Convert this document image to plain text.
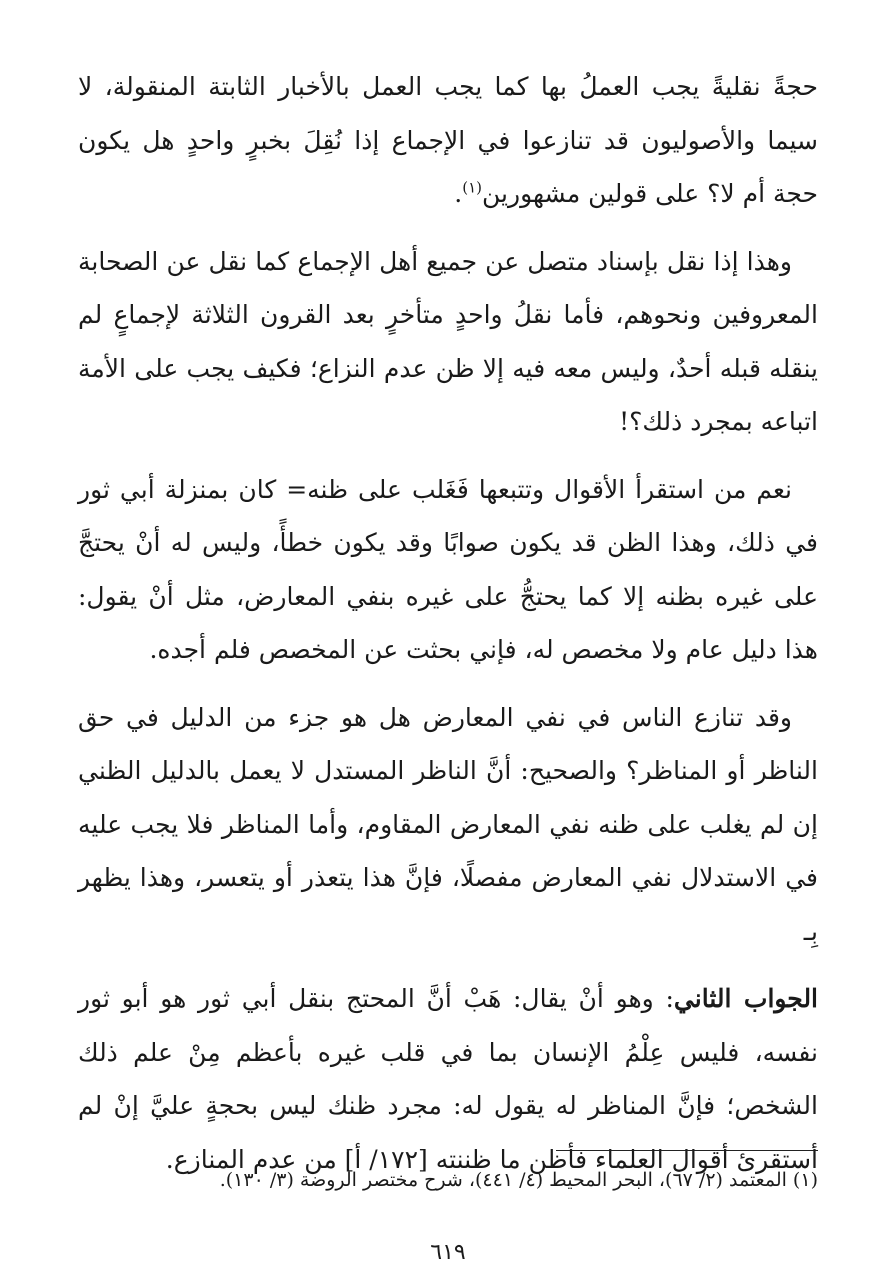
حجةً نقليةً يجب العملُ بها كما يجب العمل بالأخبار الثابتة المنقولة، لا سيما والأصوليون قد تنازعوا في الإجماع إذا نُقِلَ بخبرٍ واحدٍ هل يكون حجة أم لا؟ على قولين مشهورين$^{(١)}$.

وهذا إذا نقل بإسناد متصل عن جميع أهل الإجماع كما نقل عن الصحابة المعروفين ونحوهم، فأما نقلُ واحدٍ متأخرٍ بعد القرون الثلاثة لإجماعٍ لم ينقله قبله أحدٌ، وليس معه فيه إلا ظن عدم النزاع؛ فكيف يجب على الأمة اتباعه بمجرد ذلك؟!

نعم من استقرأ الأقوال وتتبعها فَغَلب على ظنه= كان بمنزلة أبي ثور في ذلك، وهذا الظن قد يكون صوابًا وقد يكون خطأً، وليس له أنْ يحتجَّ على غيره بظنه إلا كما يحتجُّ على غيره بنفي المعارض، مثل أنْ يقول: هذا دليل عام ولا مخصص له، فإني بحثت عن المخصص فلم أجده.

وقد تنازع الناس في نفي المعارض هل هو جزء من الدليل في حق الناظر أو المناظر؟ والصحيح: أنَّ الناظر المستدل لا يعمل بالدليل الظني إن لم يغلب على ظنه نفي المعارض المقاوم، وأما المناظر فلا يجب عليه في الاستدلال نفي المعارض مفصلًا، فإنَّ هذا يتعذر أو يتعسر، وهذا يظهر بِـ

الجواب الثاني: وهو أنْ يقال: هَبْ أنَّ المحتج بنقل أبي ثور هو أبو ثور نفسه، فليس عِلْمُ الإنسان بما في قلب غيره بأعظم مِنْ علم ذلك الشخص؛ فإنَّ المناظر له يقول له: مجرد ظنك ليس بحجةٍ عليَّ إنْ لم أستقرئ أقوال العلماء فأظن ما ظننته [١٧٢/ أ] من عدم المنازع.

(١) المعتمد (٢/ ٦٧)، البحر المحيط (٤/ ٤٤١)، شرح مختصر الروضة (٣/ ١٣٠).
٦١٩
